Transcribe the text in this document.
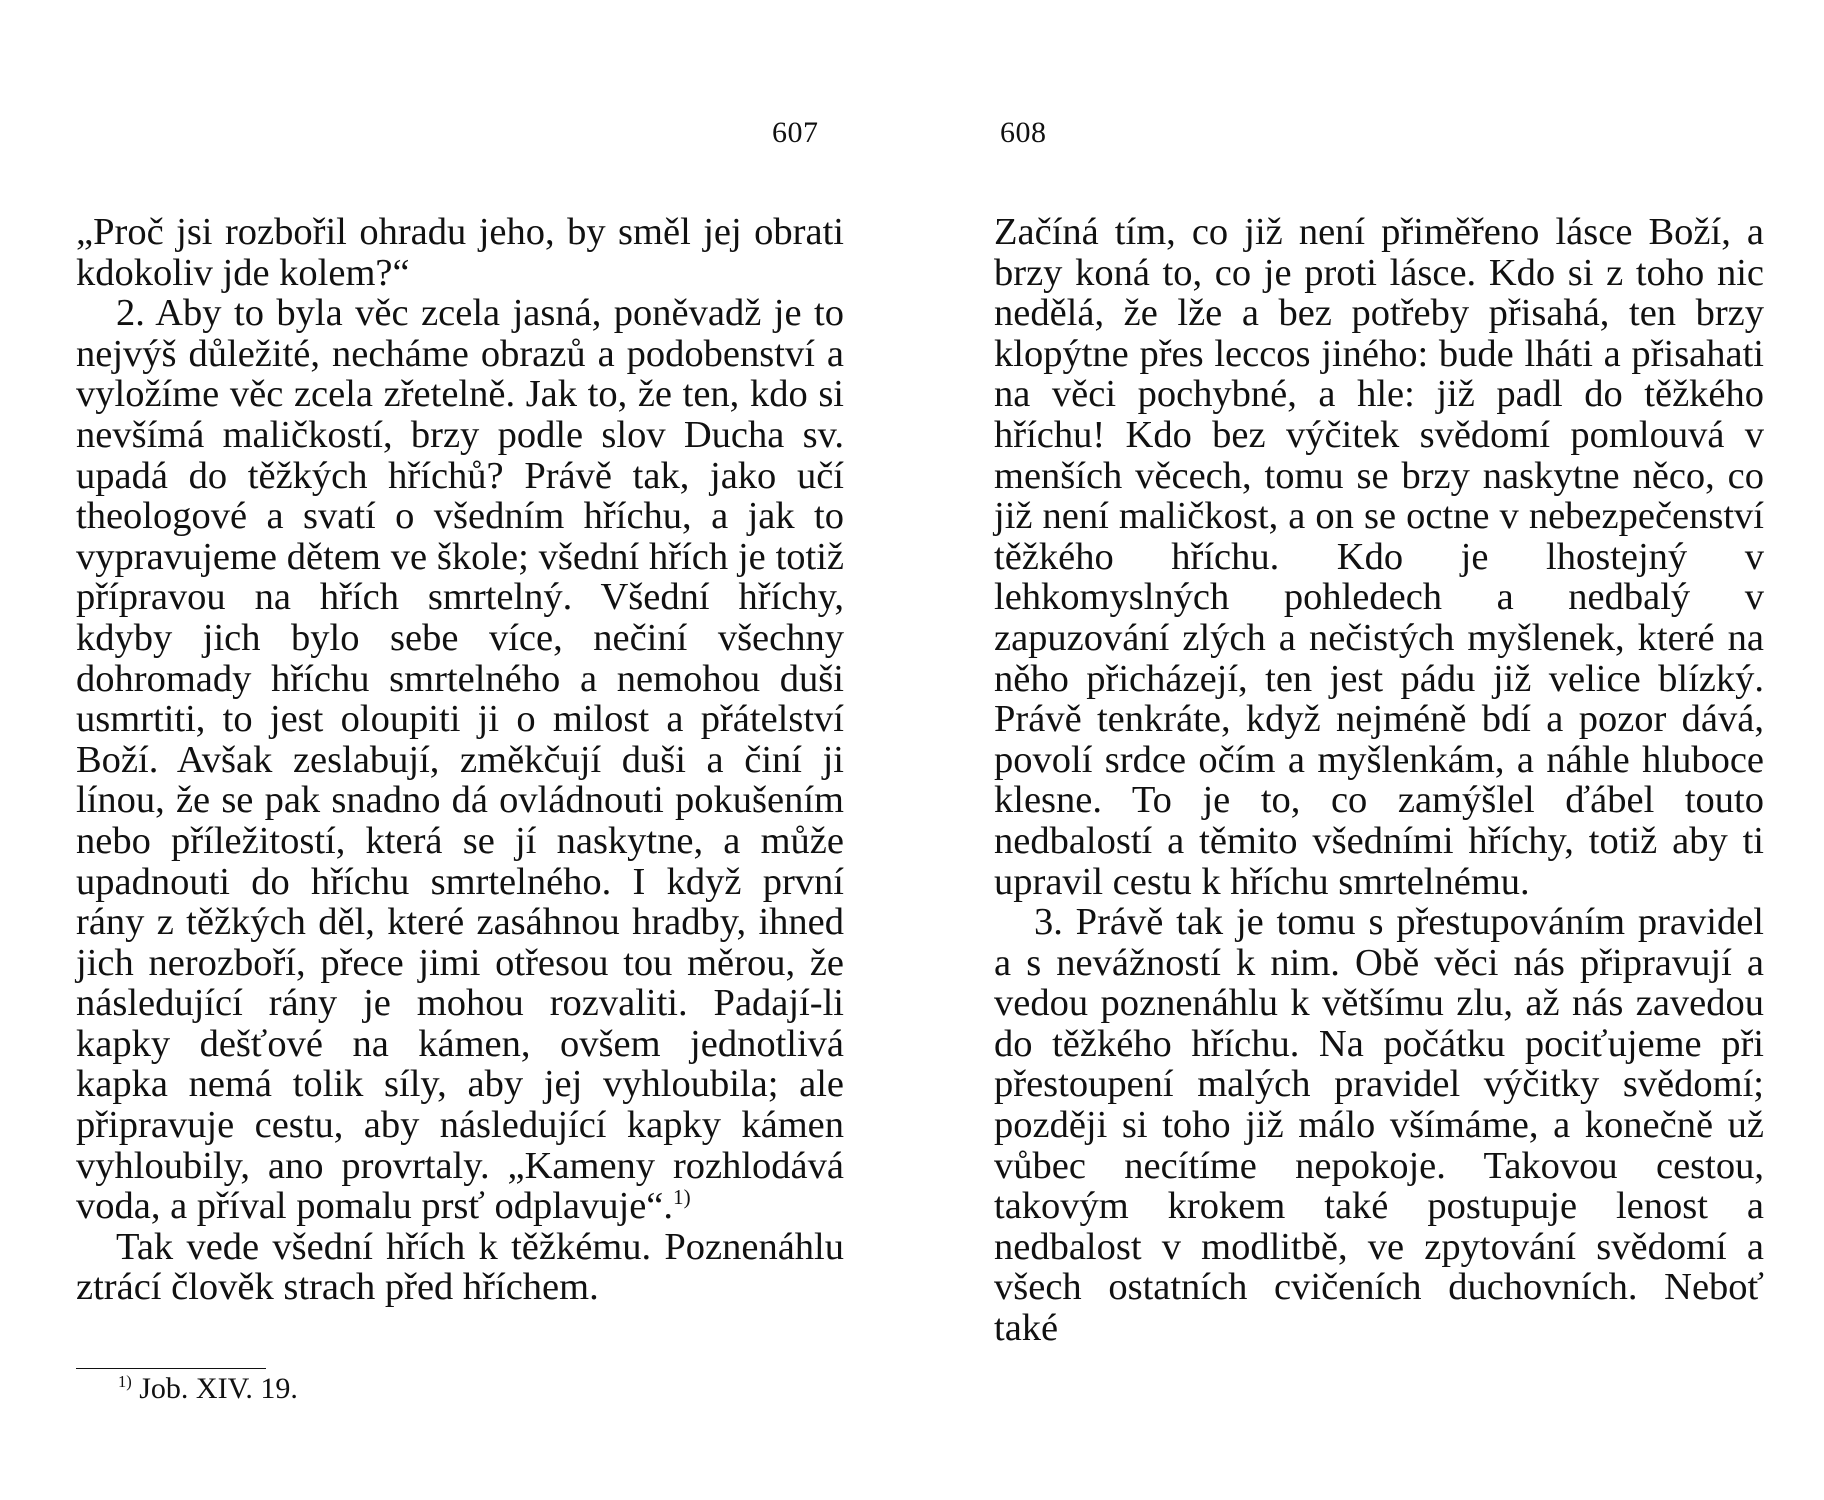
607	608

„Proč jsi rozbořil ohradu jeho, by směl jej obrati kdokoliv jde kolem?“

2. Aby to byla věc zcela jasná, poněvadž je to nejvýš důležité, necháme obrazů a podobenství a vyložíme věc zcela zřetelně. Jak to, že ten, kdo si nevšímá maličkostí, brzy podle slov Ducha sv. upadá do těžkých hříchů? Právě tak, jako učí theologové a svatí o všedním hříchu, a jak to vypravujeme dětem ve škole; všední hřích je totiž přípravou na hřích smrtelný. Všední hříchy, kdyby jich bylo sebe více, nečiní všechny dohromady hříchu smrtelného a nemohou duši usmrtiti, to jest oloupiti ji o milost a přátelství Boží. Avšak zeslabují, změkčují duši a činí ji línou, že se pak snadno dá ovládnouti pokušením nebo příležitostí, která se jí naskytne, a může upadnouti do hříchu smrtelného. I když první rány z těžkých děl, které zasáhnou hradby, ihned jich nerozboří, přece jimi otřesou tou měrou, že následující rány je mohou rozvaliti. Padají-li kapky dešťové na kámen, ovšem jednotlivá kapka nemá tolik síly, aby jej vyhloubila; ale připravuje cestu, aby následující kapky kámen vyhloubily, ano provrtaly. „Kameny rozhlodává voda, a příval pomalu prsť odplavuje“.$^{1)}$

Tak vede všední hřích k těžkému. Poznenáhlu ztrácí člověk strach před hříchem.

$^{1)}$ Job. XIV. 19.

Začíná tím, co již není přiměřeno lásce Boží, a brzy koná to, co je proti lásce. Kdo si z toho nic nedělá, že lže a bez potřeby přisahá, ten brzy klopýtne přes leccos jiného: bude lháti a přisahati na věci pochybné, a hle: již padl do těžkého hříchu! Kdo bez výčitek svědomí pomlouvá v menších věcech, tomu se brzy naskytne něco, co již není maličkost, a on se octne v nebezpečenství těžkého hříchu. Kdo je lhostejný v lehkomyslných pohledech a nedbalý v zapuzování zlých a nečistých myšlenek, které na něho přicházejí, ten jest pádu již velice blízký. Právě tenkráte, když nejméně bdí a pozor dává, povolí srdce očím a myšlenkám, a náhle hluboce klesne. To je to, co zamýšlel ďábel touto nedbalostí a těmito všedními hříchy, totiž aby ti upravil cestu k hříchu smrtelnému.

3. Právě tak je tomu s přestupováním pravidel a s nevážností k nim. Obě věci nás připravují a vedou poznenáhlu k většímu zlu, až nás zavedou do těžkého hříchu. Na počátku pociťujeme při přestoupení malých pravidel výčitky svědomí; později si toho již málo všímáme, a konečně už vůbec necítíme nepokoje. Takovou cestou, takovým krokem také postupuje lenost a nedbalost v modlitbě, ve zpytování svědomí a všech ostatních cvičeních duchovních. Neboť také
